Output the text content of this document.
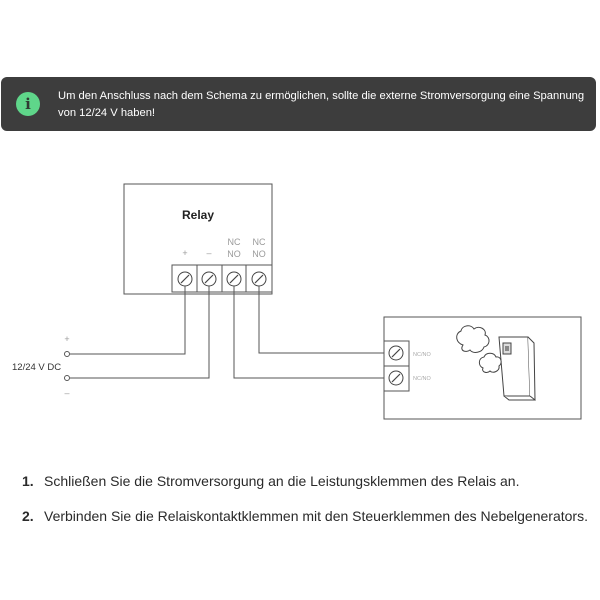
i	Um den Anschluss nach dem Schema zu ermöglichen, sollte die externe Stromversorgung eine Spannung von 12/24 V haben!
Relay
+ –
NC
NO
NC
NO
+
12/24 V DC
–
NC/NO
NC/NO
1. Schließen Sie die Stromversorgung an die Leistungsklemmen des Relais an.
2. Verbinden Sie die Relaiskontaktklemmen mit den Steuerklemmen des Nebelgenerators.
